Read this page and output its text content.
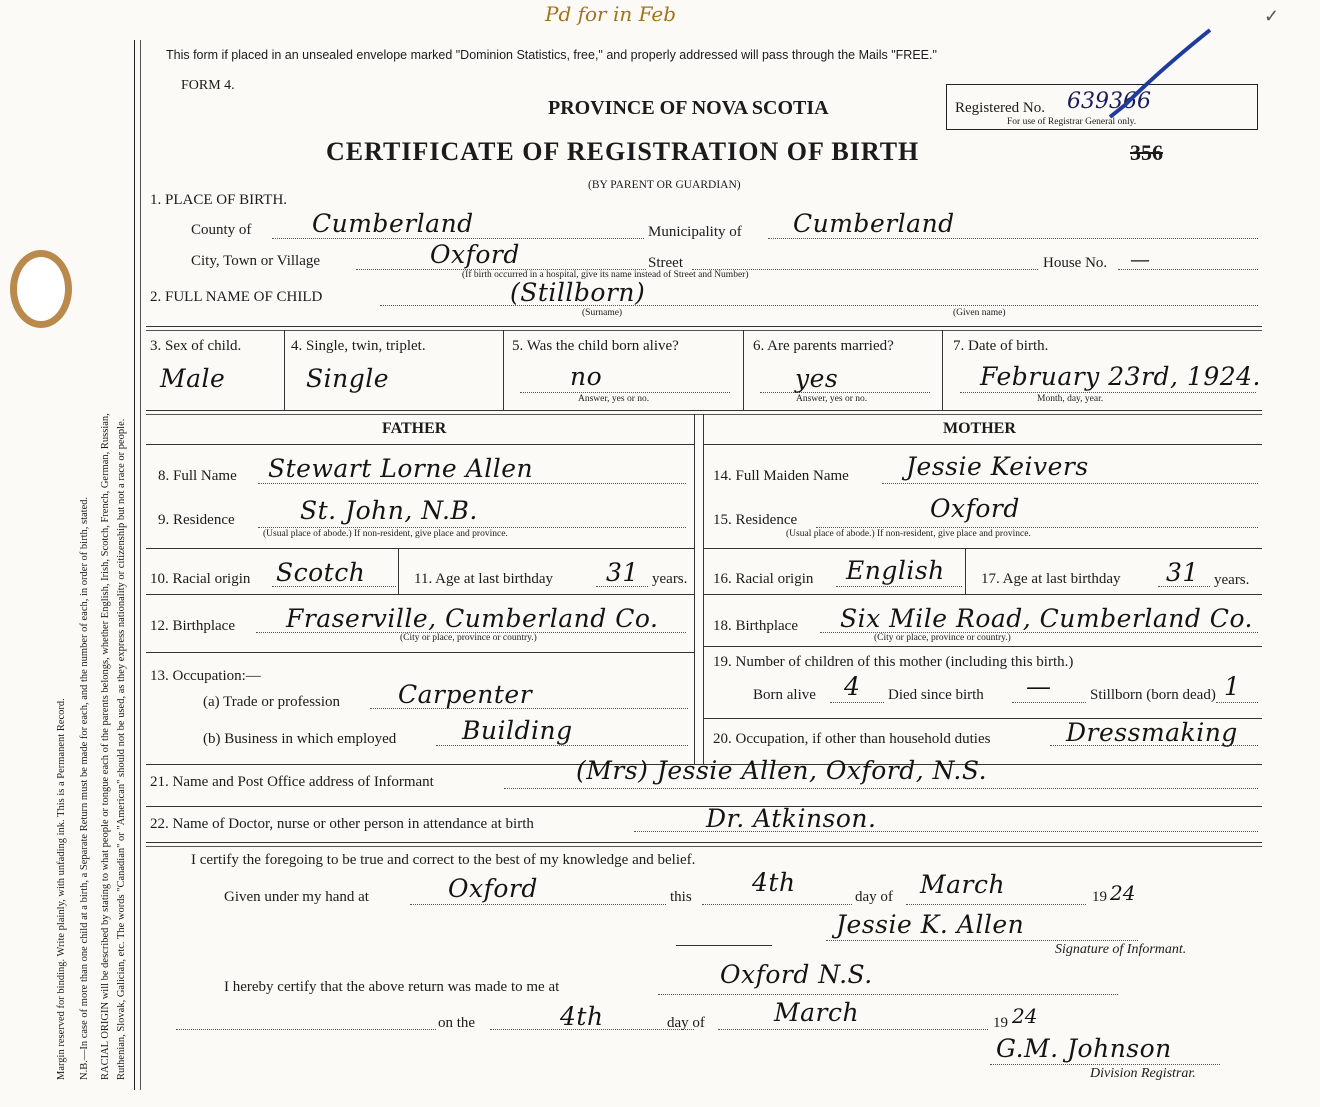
Margin reserved for binding. Write plainly, with unfading ink. This is a Permanent Record. N.B.—In case of more than one child at a birth, a Separate Return must be made for each, and the number of each, in order of birth, stated. RACIAL ORIGIN will be described by stating to what people or tongue each of the parents belongs, whether English, Irish, Scotch, French, German, Russian, Ruthenian, Slovak, Galician, etc. The words "Canadian" or "American" should not be used, as they express nationality or citizenship but not a race or people.
Pd for in Feb	✓
This form if placed in an unsealed envelope marked "Dominion Statistics, free," and properly addressed will pass through the Mails "FREE."
FORM 4.
PROVINCE OF NOVA SCOTIA	Registered No. 639366
For use of Registrar General only.
CERTIFICATE OF REGISTRATION OF BIRTH	356
(BY PARENT OR GUARDIAN)
1. PLACE OF BIRTH.
County of Cumberland	Municipality of Cumberland
City, Town or Village	Oxford	Street	House No. —
(If birth occurred in a hospital, give its name instead of Street and Number)
2. FULL NAME OF CHILD	(Stillborn)
(Surname)	(Given name)
3. Sex of child.
Male
4. Single, twin, triplet.
Single
5. Was the child born alive?
no
Answer, yes or no.
6. Are parents married?
yes
Answer, yes or no.
7. Date of birth.
February 23rd, 1924.
Month, day, year.
FATHER	MOTHER
8. Full Name Stewart Lorne Allen
9. Residence	St. John, N.B.
(Usual place of abode.) If non-resident, give place and province.
10. Racial origin Scotch	11. Age at last birthday 31 years.
12. Birthplace Fraserville, Cumberland Co.
(City or place, province or country.)
13. Occupation:—
(a) Trade or profession Carpenter
(b) Business in which employed	Building
14. Full Maiden Name Jessie Keivers
15. Residence	Oxford
(Usual place of abode.) If non-resident, give place and province.
16. Racial origin English 17. Age at last birthday 31 years.
18. Birthplace Six Mile Road, Cumberland Co.
(City or place, province or country.)
19. Number of children of this mother (including this birth.)
Born alive 4 Died since birth —	Stillborn (born dead) 1
20. Occupation, if other than household duties	Dressmaking
21. Name and Post Office address of Informant	(Mrs) Jessie Allen, Oxford, N.S.
22. Name of Doctor, nurse or other person in attendance at birth	Dr. Atkinson.
I certify the foregoing to be true and correct to the best of my knowledge and belief.
Given under my hand at	Oxford	this 4th	day of March	19 24
Jessie K. Allen
Signature of Informant.
I hereby certify that the above return was made to me at	Oxford N.S.
on the	4th	day of	March	19 24
G.M. Johnson
Division Registrar.
